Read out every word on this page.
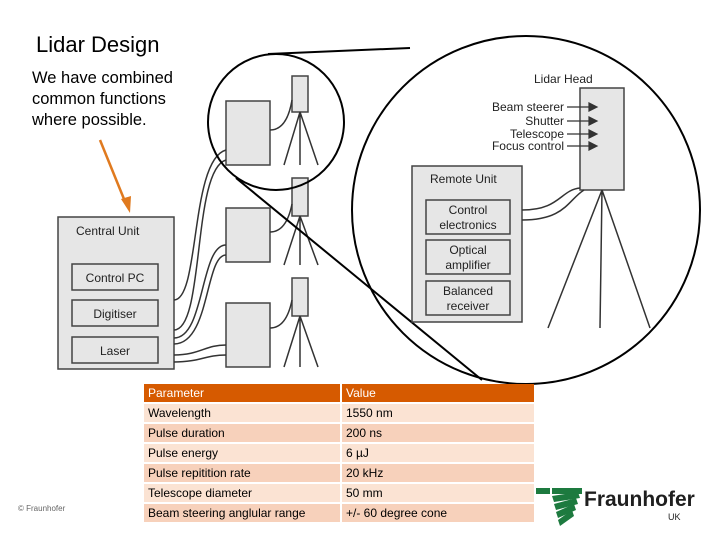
Lidar Design
We have combined common functions where possible.
Central Unit
Control PC
Digitiser
Laser
Lidar Head
Beam steerer
Shutter
Telescope
Focus control
Remote Unit
Control electronics
Optical amplifier
Balanced receiver
© Fraunhofer
Parameter	Value
Wavelength	1550 nm
Pulse duration	200 ns
Pulse energy	6 µJ
Pulse repitition rate	20 kHz
Telescope diameter	50 mm
Beam steering anglular range	+/- 60 degree cone
Fraunhofer
UK
